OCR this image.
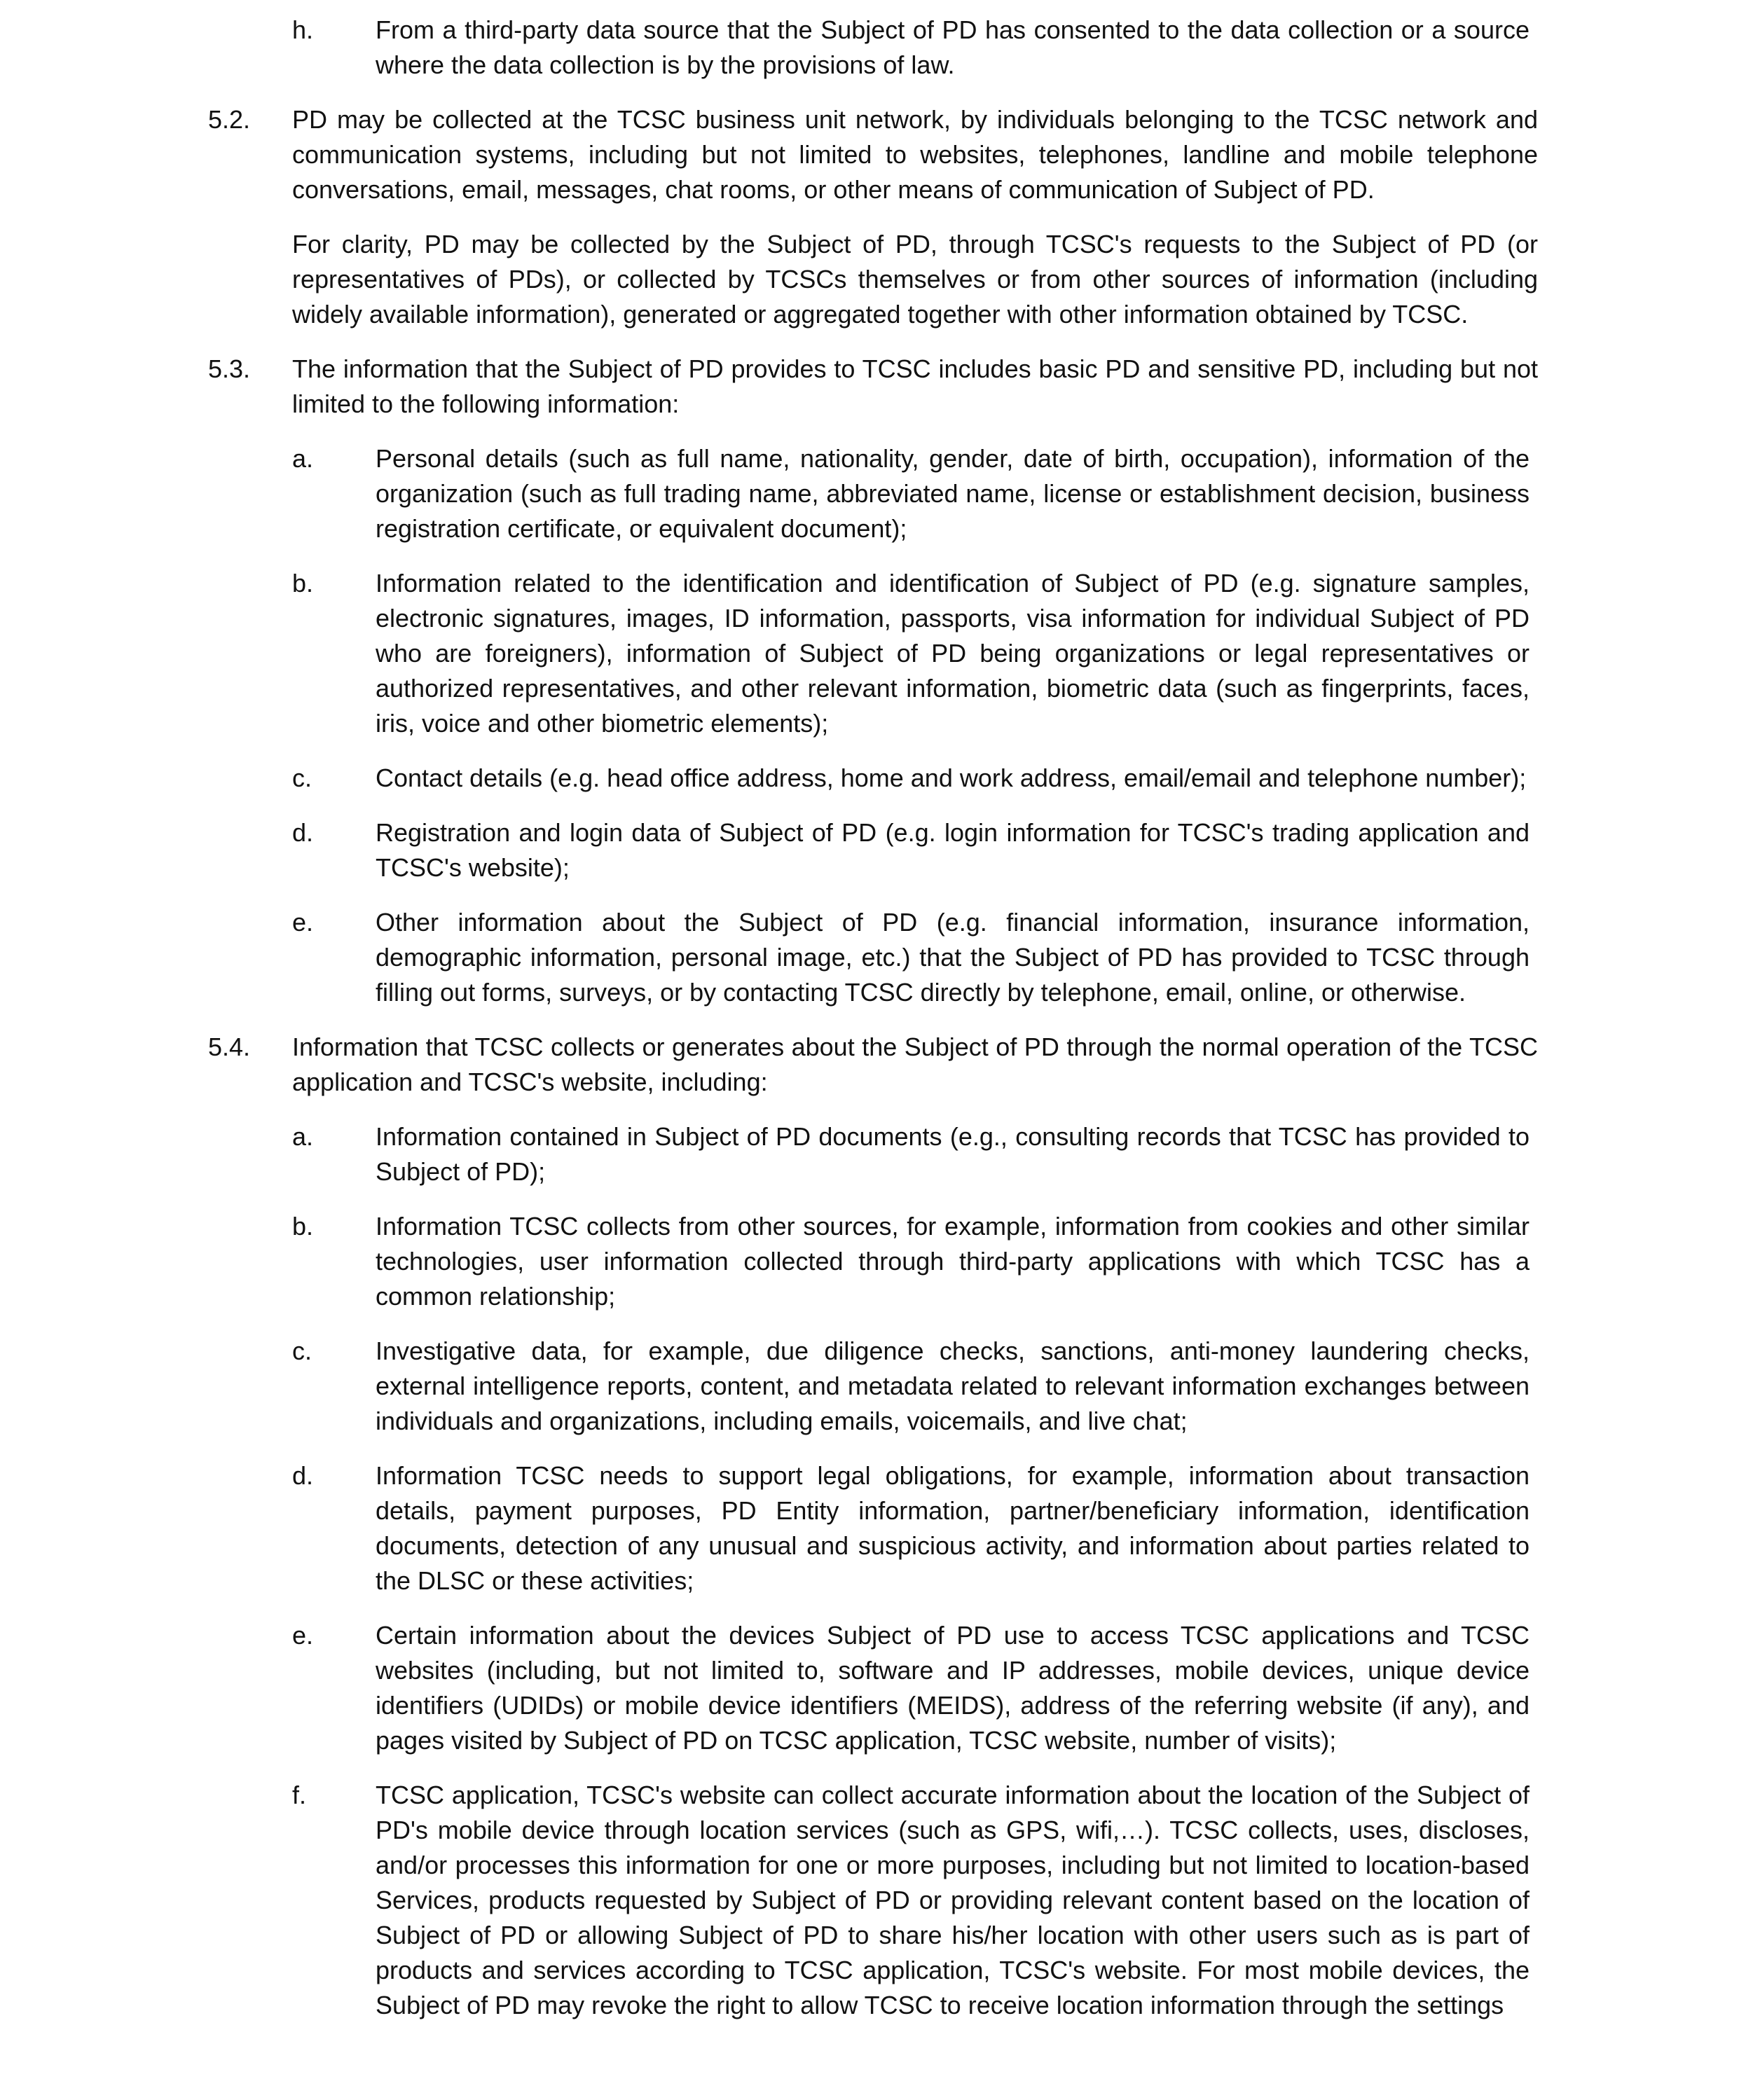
h.	From a third-party data source that the Subject of PD has consented to the data collection or a source where the data collection is by the provisions of law.

5.2.	PD may be collected at the TCSC business unit network, by individuals belonging to the TCSC network and communication systems, including but not limited to websites, telephones, landline and mobile telephone conversations, email, messages, chat rooms, or other means of communication of Subject of PD.

For clarity, PD may be collected by the Subject of PD, through TCSC's requests to the Subject of PD (or representatives of PDs), or collected by TCSCs themselves or from other sources of information (including widely available information), generated or aggregated together with other information obtained by TCSC.

5.3.	The information that the Subject of PD provides to TCSC includes basic PD and sensitive PD, including but not limited to the following information:

a.	Personal details (such as full name, nationality, gender, date of birth, occupation), information of the organization (such as full trading name, abbreviated name, license or establishment decision, business registration certificate, or equivalent document);

b.	Information related to the identification and identification of Subject of PD (e.g. signature samples, electronic signatures, images, ID information, passports, visa information for individual Subject of PD who are foreigners), information of Subject of PD being organizations or legal representatives or authorized representatives, and other relevant information, biometric data (such as fingerprints, faces, iris, voice and other biometric elements);

c.	Contact details (e.g. head office address, home and work address, email/email and telephone number);

d.	Registration and login data of Subject of PD (e.g. login information for TCSC's trading application and TCSC's website);

e.	Other information about the Subject of PD (e.g. financial information, insurance information, demographic information, personal image, etc.) that the Subject of PD has provided to TCSC through filling out forms, surveys, or by contacting TCSC directly by telephone, email, online, or otherwise.

5.4.	Information that TCSC collects or generates about the Subject of PD through the normal operation of the TCSC application and TCSC's website, including:

a.	Information contained in Subject of PD documents (e.g., consulting records that TCSC has provided to Subject of PD);

b.	Information TCSC collects from other sources, for example, information from cookies and other similar technologies, user information collected through third-party applications with which TCSC has a common relationship;

c.	Investigative data, for example, due diligence checks, sanctions, anti-money laundering checks, external intelligence reports, content, and metadata related to relevant information exchanges between individuals and organizations, including emails, voicemails, and live chat;

d.	Information TCSC needs to support legal obligations, for example, information about transaction details, payment purposes, PD Entity information, partner/beneficiary information, identification documents, detection of any unusual and suspicious activity, and information about parties related to the DLSC or these activities;

e.	Certain information about the devices Subject of PD use to access TCSC applications and TCSC websites (including, but not limited to, software and IP addresses, mobile devices, unique device identifiers (UDIDs) or mobile device identifiers (MEIDS), address of the referring website (if any), and pages visited by Subject of PD on TCSC application, TCSC website, number of visits);

f.	TCSC application, TCSC's website can collect accurate information about the location of the Subject of PD's mobile device through location services (such as GPS, wifi,…). TCSC collects, uses, discloses, and/or processes this information for one or more purposes, including but not limited to location-based Services, products requested by Subject of PD or providing relevant content based on the location of Subject of PD or allowing Subject of PD to share his/her location with other users such as is part of products and services according to TCSC application, TCSC's website. For most mobile devices, the Subject of PD may revoke the right to allow TCSC to receive location information through the settings
